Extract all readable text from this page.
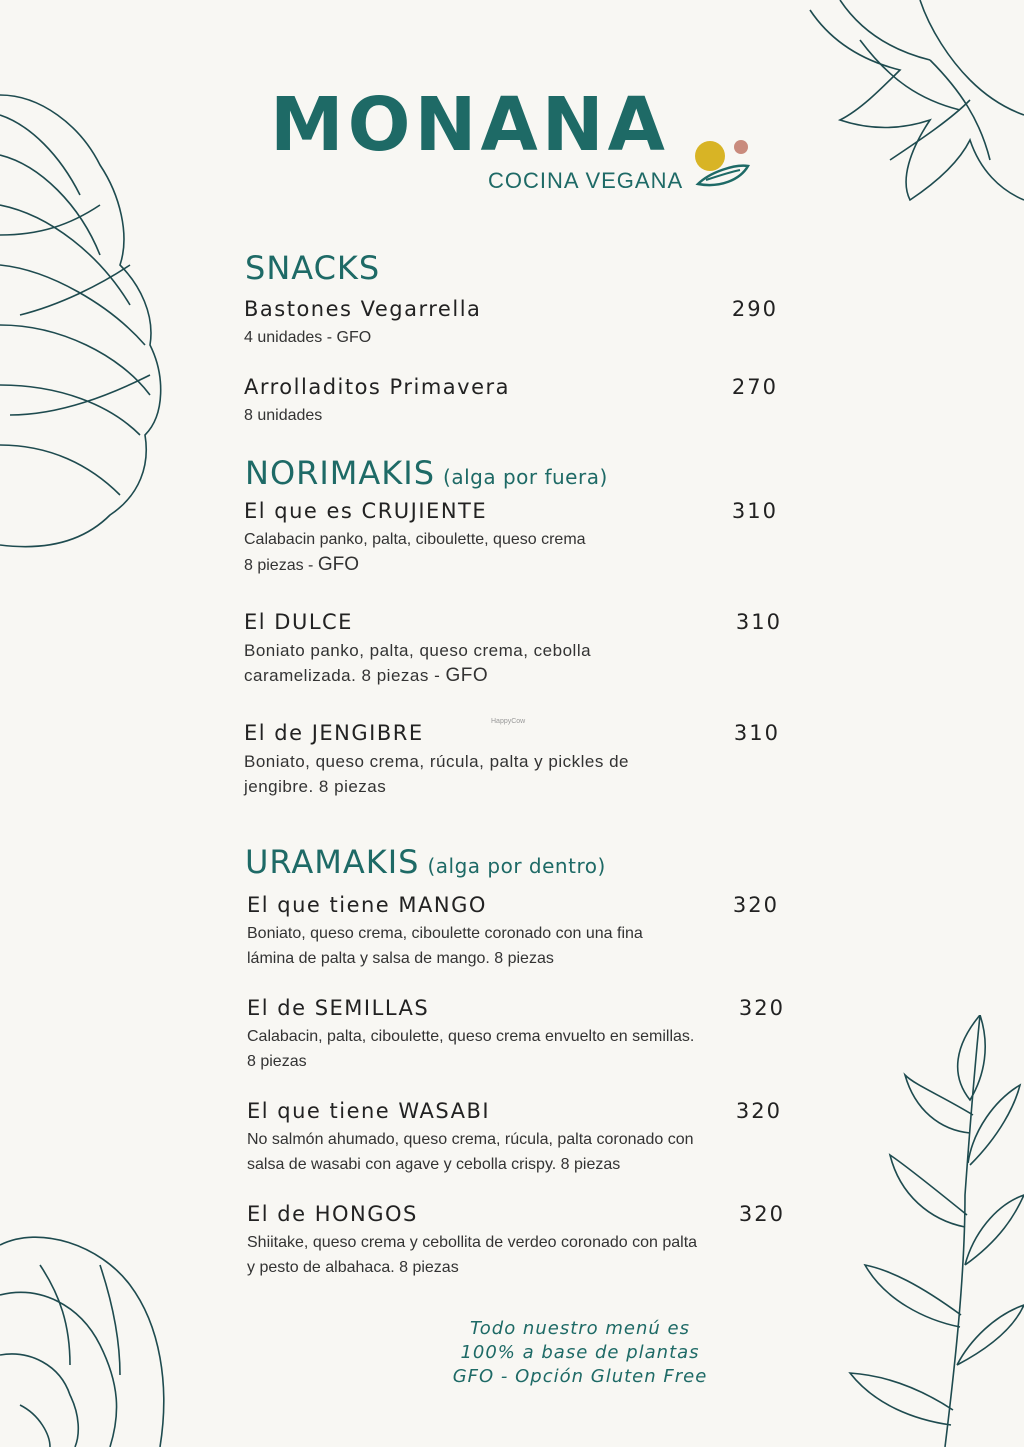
MONANA
COCINA VEGANA
SNACKS
Bastones Vegarrella	290
4 unidades - GFO
Arrolladitos Primavera	270
8 unidades
NORIMAKIS (alga por fuera)
El que es CRUJIENTE	310
Calabacin panko, palta, ciboulette, queso crema
8 piezas - GFO
El DULCE	310
Boniato panko, palta, queso crema, cebolla
caramelizada. 8 piezas - GFO
HappyCow
El de JENGIBRE	310
Boniato, queso crema, rúcula, palta y pickles de
jengibre. 8 piezas
URAMAKIS (alga por dentro)
El que tiene MANGO	320
Boniato, queso crema, ciboulette coronado con una fina
lámina de palta y salsa de mango. 8 piezas
El de SEMILLAS	320
Calabacin, palta, ciboulette, queso crema envuelto en semillas.
8 piezas
El que tiene WASABI	320
No salmón ahumado, queso crema, rúcula, palta coronado con
salsa de wasabi con agave y cebolla crispy. 8 piezas
El de HONGOS	320
Shiitake, queso crema y cebollita de verdeo coronado con palta
y pesto de albahaca. 8 piezas
Todo nuestro menú es
100% a base de plantas
GFO - Opción Gluten Free
